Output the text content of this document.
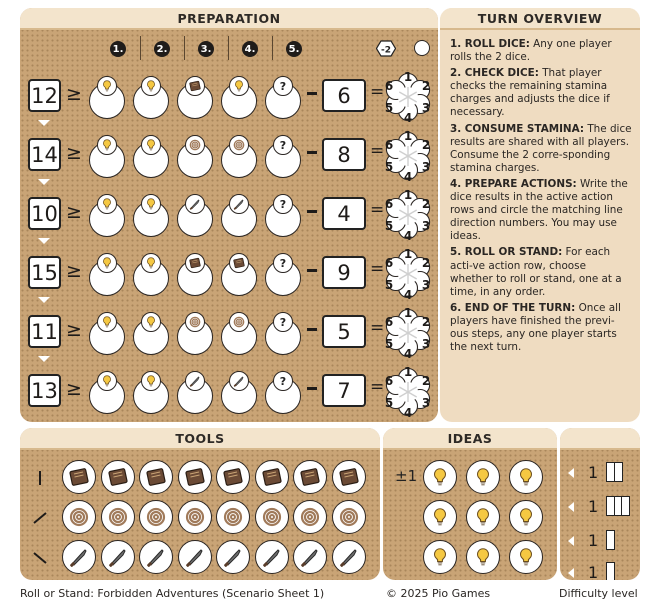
PREPARATION
1.	2.	3.	4.	5.	-2
12 ≥	?	6	=
1
2
3
4
5
6
14 ≥	?	8	=
1
2
3
4
5
6
10 ≥	?	4	=
1
2
3
4
5
6
15 ≥	?	9	=
1
2
3
4
5
6
11 ≥	?	5	=
1
2
3
4
5
6
13 ≥	?	7	=
1
2
3
4
5
6
TURN OVERVIEW
1. ROLL DICE: Any one player rolls the 2 dice.
2. CHECK DICE: That player checks the remaining stamina charges and adjusts the dice if necessary.
3. CONSUME STAMINA: The dice results are shared with all players. Consume the 2 corre-sponding stamina charges.
4. PREPARE ACTIONS: Write the dice results in the active action rows and circle the matching line direction numbers. You may use ideas.
5. ROLL OR STAND: For each acti-ve action row, choose whether to roll or stand, one at a time, in any order.
6. END OF THE TURN: Once all players have finished the previ-ous steps, any one player starts the next turn.
TOOLS	IDEAS
±1	1
1
1
1
Roll or Stand: Forbidden Adventures (Scenario Sheet 1)	© 2025 Pio Games	Difficulty level
